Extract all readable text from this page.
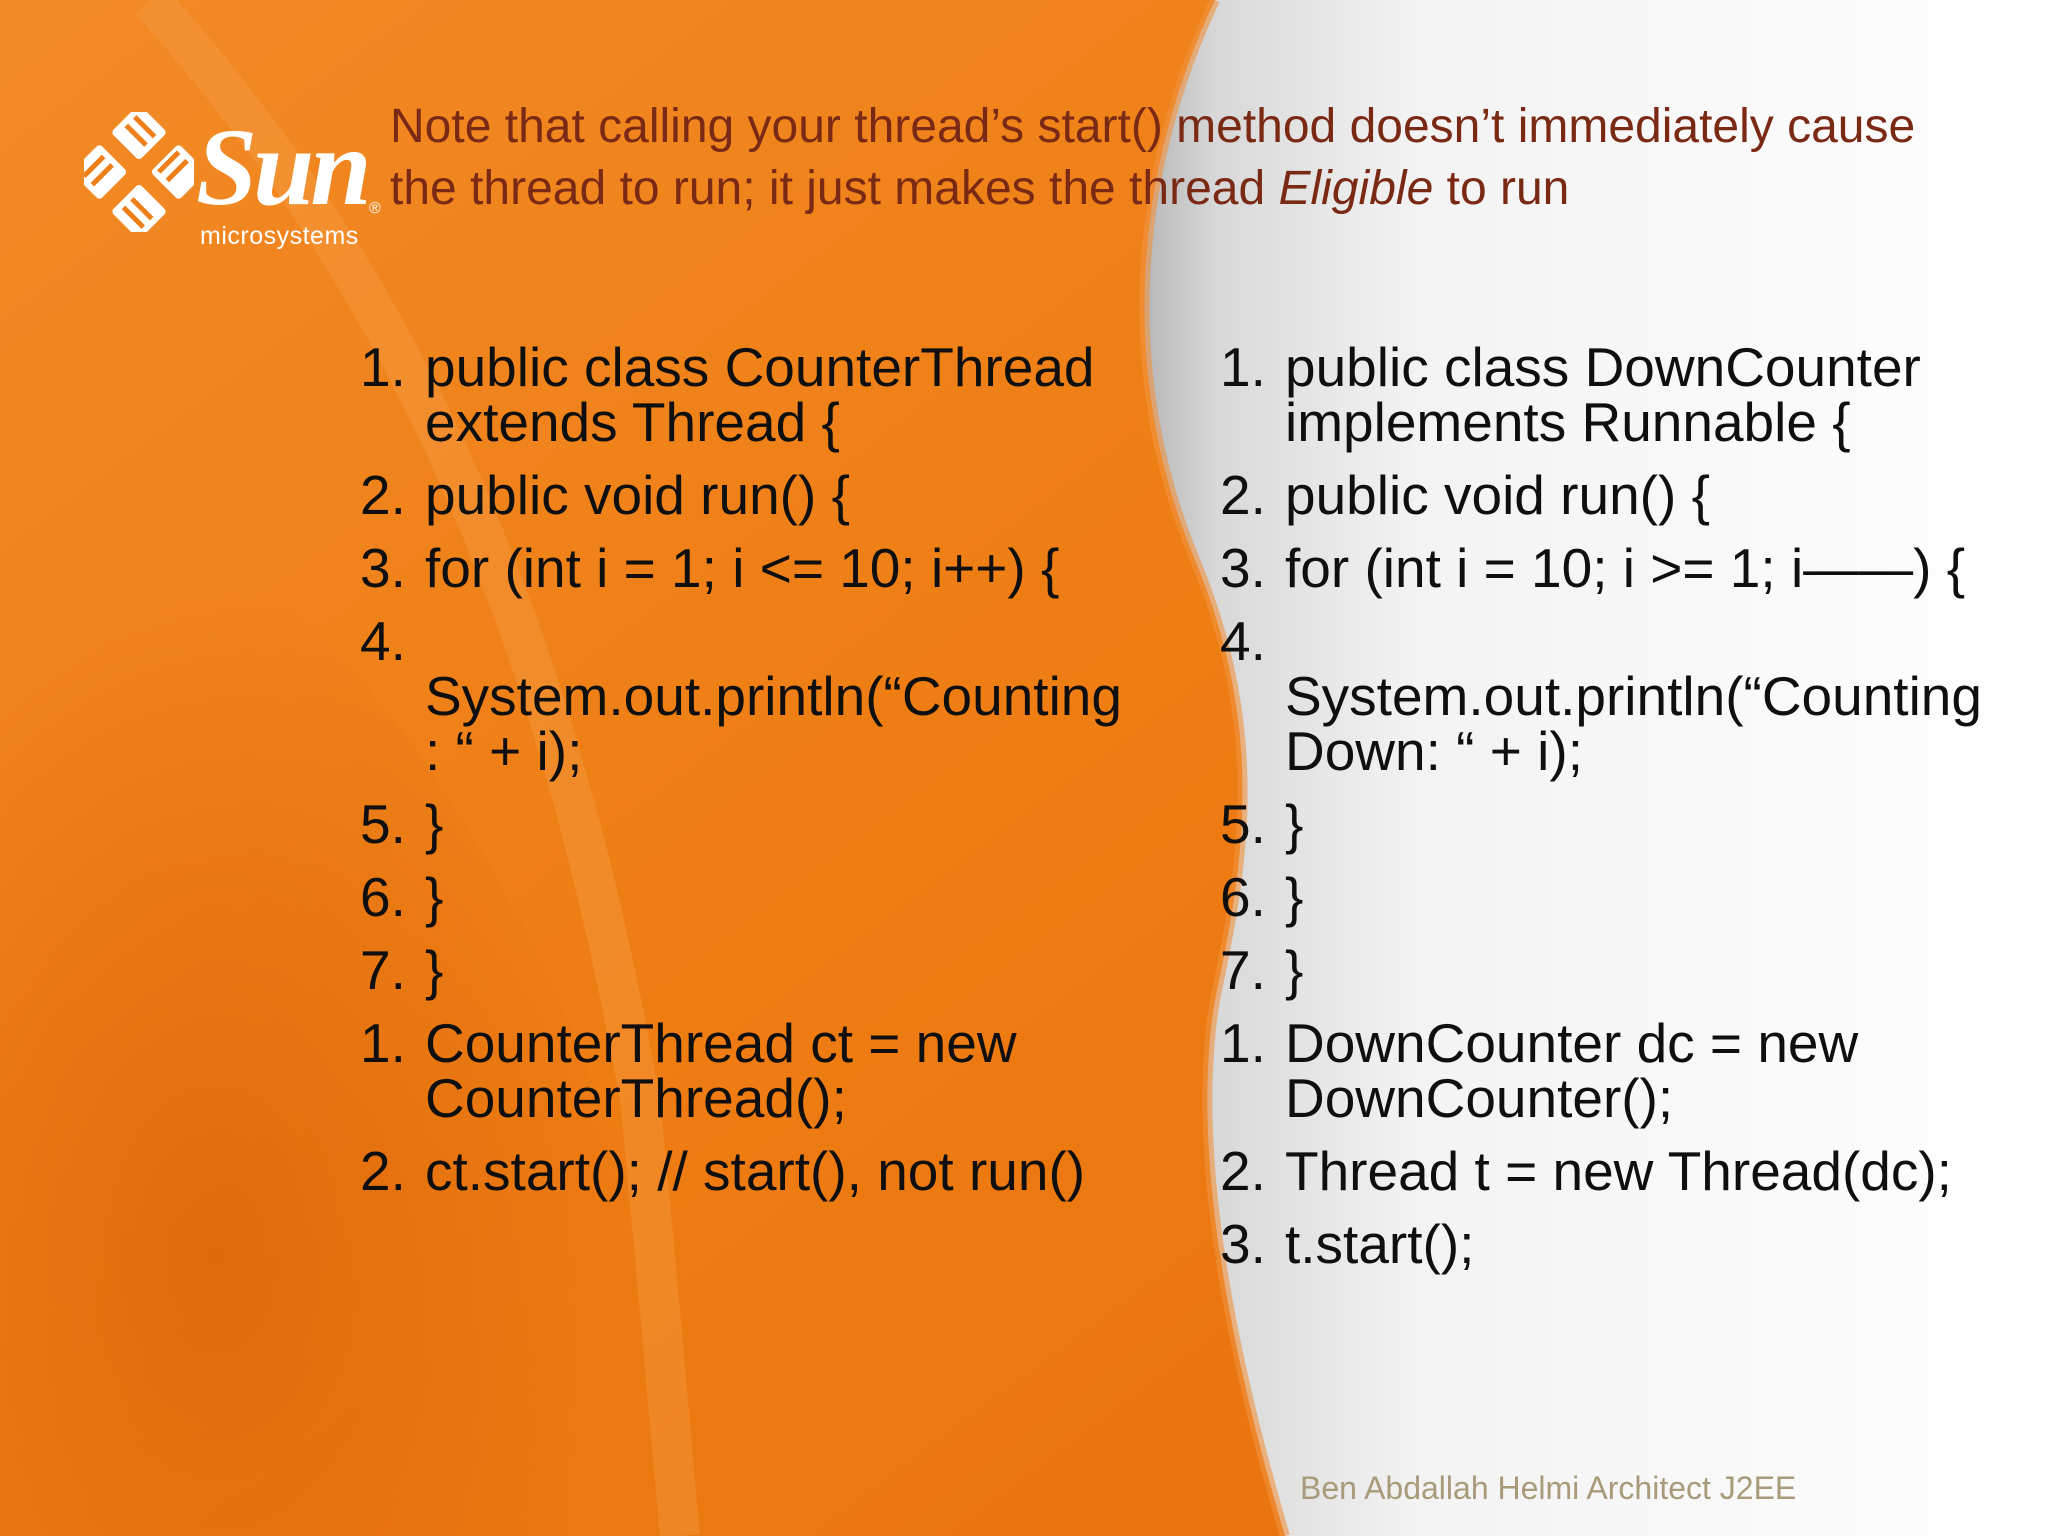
Sun ®
microsystems
Note that calling your thread’s start() method doesn’t immediately cause
the thread to run; it just makes the thread Eligible to run
1. public class CounterThread extends Thread {
2. public void run() {
3. for (int i = 1; i <= 10; i++) {
4.
System.out.println(“Counting: “ + i);
5. }
6. }
7. }
1. CounterThread ct = new CounterThread();
2. ct.start(); // start(), not run()
1. public class DownCounter implements Runnable {
2. public void run() {
3. for (int i = 10; i >= 1; i——) {
4.
System.out.println(“Counting Down: “ + i);
5. }
6. }
7. }
1. DownCounter dc = new DownCounter();
2. Thread t = new Thread(dc);
3. t.start();
Ben Abdallah Helmi Architect J2EE
